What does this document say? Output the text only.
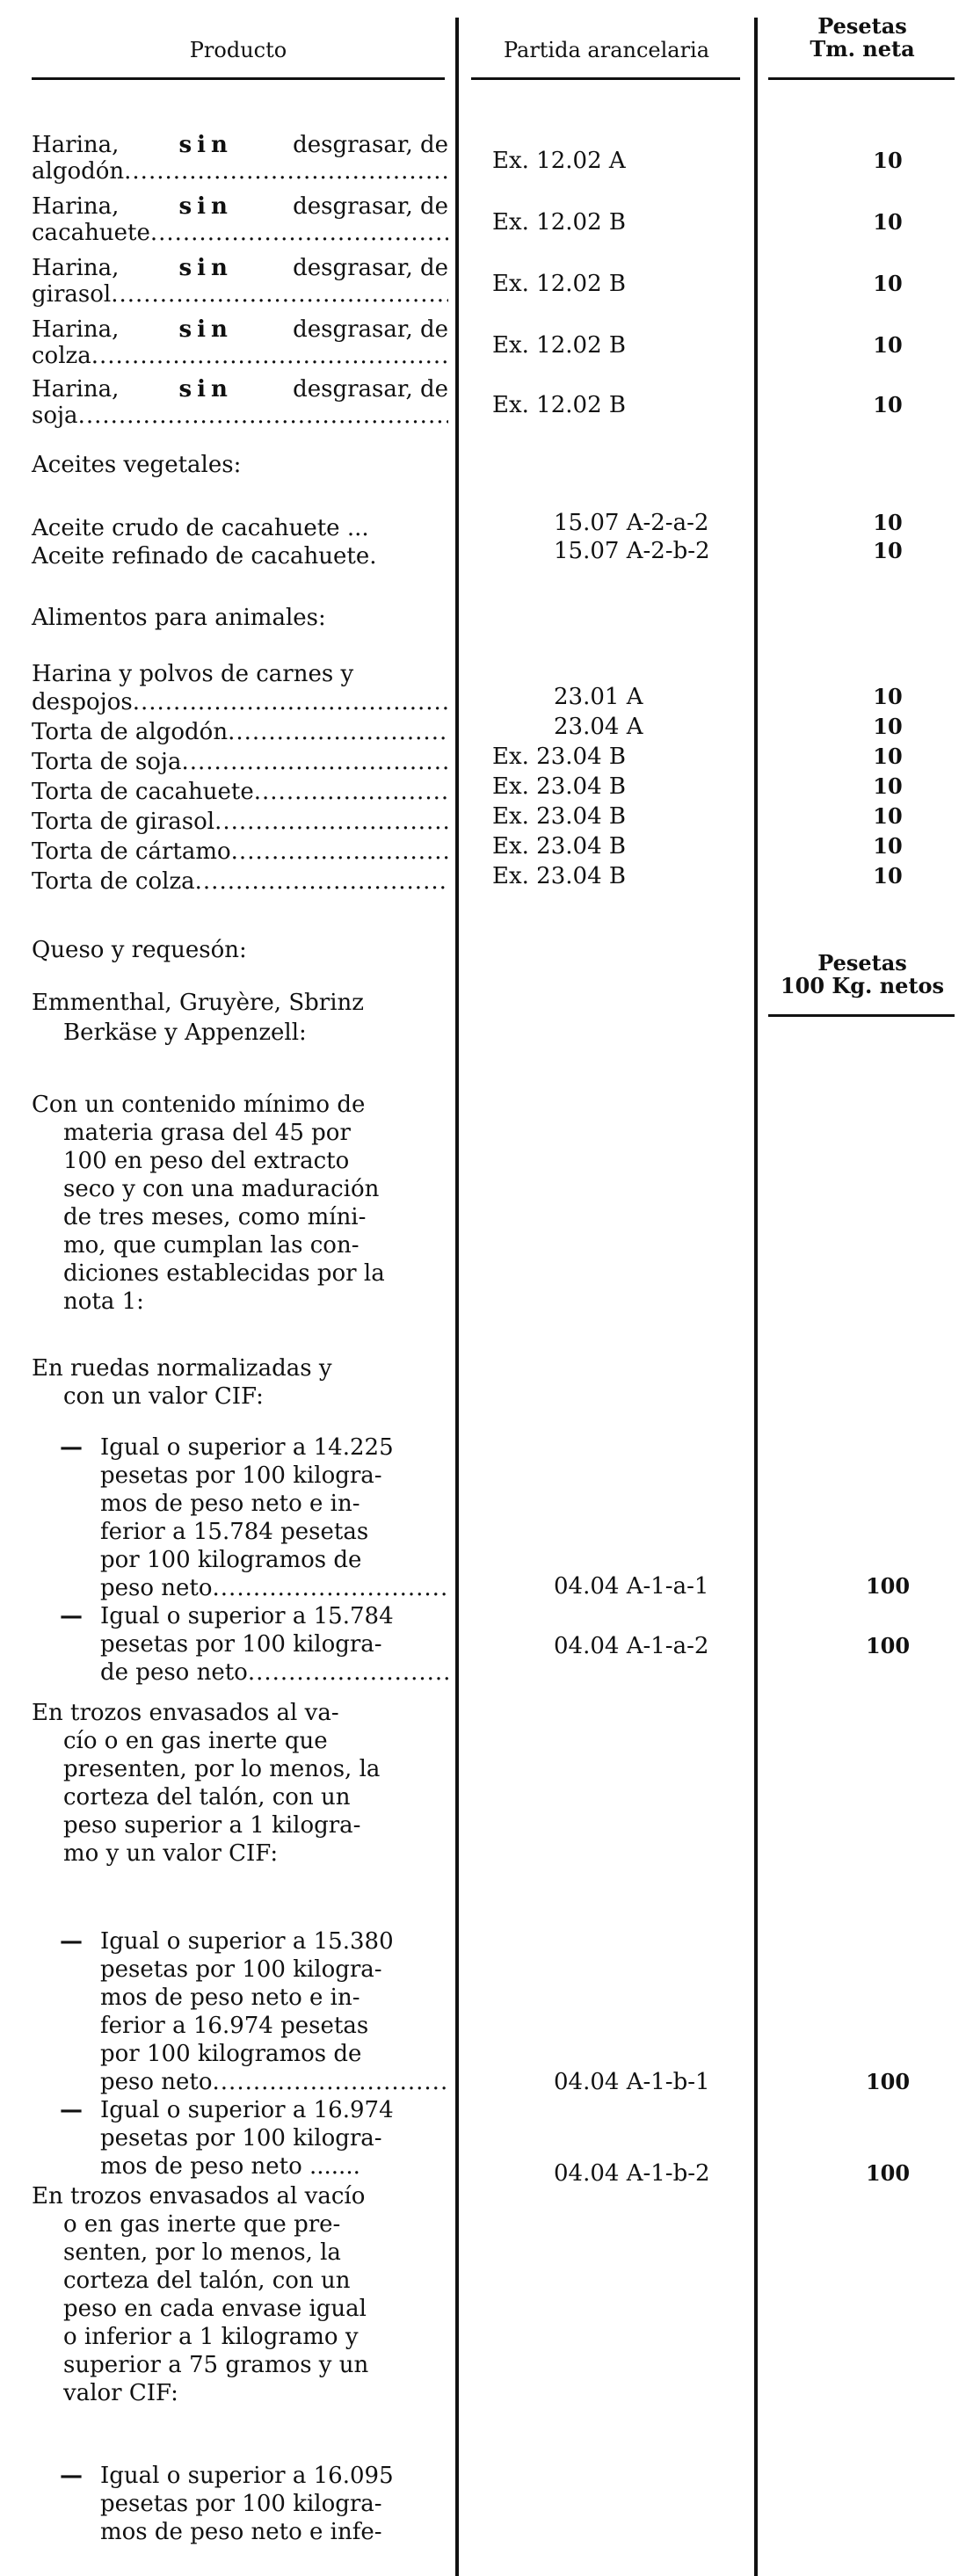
Producto	Partida arancelaria
Pesetas
Tm. neta
Harina,	sin	desgrasar, de
algodón .....	Ex. 12.02 A	10
Harina,	sin	desgrasar, de
cacahuete .....	Ex. 12.02 B	10
Harina,	sin	desgrasar, de
girasol .....	Ex. 12.02 B	10
Harina,	sin	desgrasar, de
colza .....	Ex. 12.02 B	10
Harina,	sin	desgrasar, de
soja .....	Ex. 12.02 B	10
Aceites vegetales:
Aceite crudo de cacahuete ...	15.07 A-2-a-2	10
Aceite refinado de cacahuete.	15.07 A-2-b-2	10
Alimentos para animales:
Harina y polvos de carnes y
despojos .....	23.01 A	10
Torta de algodón .....	23.04 A	10
Torta de soja .....	Ex. 23.04 B	10
Torta de cacahuete .....	Ex. 23.04 B	10
Torta de girasol .....	Ex. 23.04 B	10
Torta de cártamo .....	Ex. 23.04 B	10
Torta de colza .....	Ex. 23.04 B	10
Queso y requesón:	Pesetas
100 Kg. netos
Emmenthal, Gruyère, Sbrinz
Berkäse y Appenzell:
Con un contenido mínimo de
materia grasa del 45 por
100 en peso del extracto
seco y con una maduración
de tres meses, como míni-
mo, que cumplan las con-
diciones establecidas por la
nota 1:
En ruedas normalizadas y
con un valor CIF:
— Igual o superior a 14.225
pesetas por 100 kilogra-
mos de peso neto e in-
ferior a 15.784 pesetas
por 100 kilogramos de
peso neto .....	04.04 A-1-a-1	100
— Igual o superior a 15.784
pesetas por 100 kilogra-
de peso neto
.....
04.04 A-1-a-2	100
En trozos envasados al va-
cío o en gas inerte que
presenten, por lo menos, la
corteza del talón, con un
peso superior a 1 kilogra-
mo y un valor CIF:
— Igual o superior a 15.380
pesetas por 100 kilogra-
mos de peso neto e in-
ferior a 16.974 pesetas
por 100 kilogramos de
peso neto .....	04.04 A-1-b-1	100
— Igual o superior a 16.974
pesetas por 100 kilogra-
mos de peso neto .......	04.04 A-1-b-2	100
En trozos envasados al vacío
o en gas inerte que pre-
senten, por lo menos, la
corteza del talón, con un
peso en cada envase igual
o inferior a 1 kilogramo y
superior a 75 gramos y un
valor CIF:
— Igual o superior a 16.095
pesetas por 100 kilogra-
mos de peso neto e infe-
